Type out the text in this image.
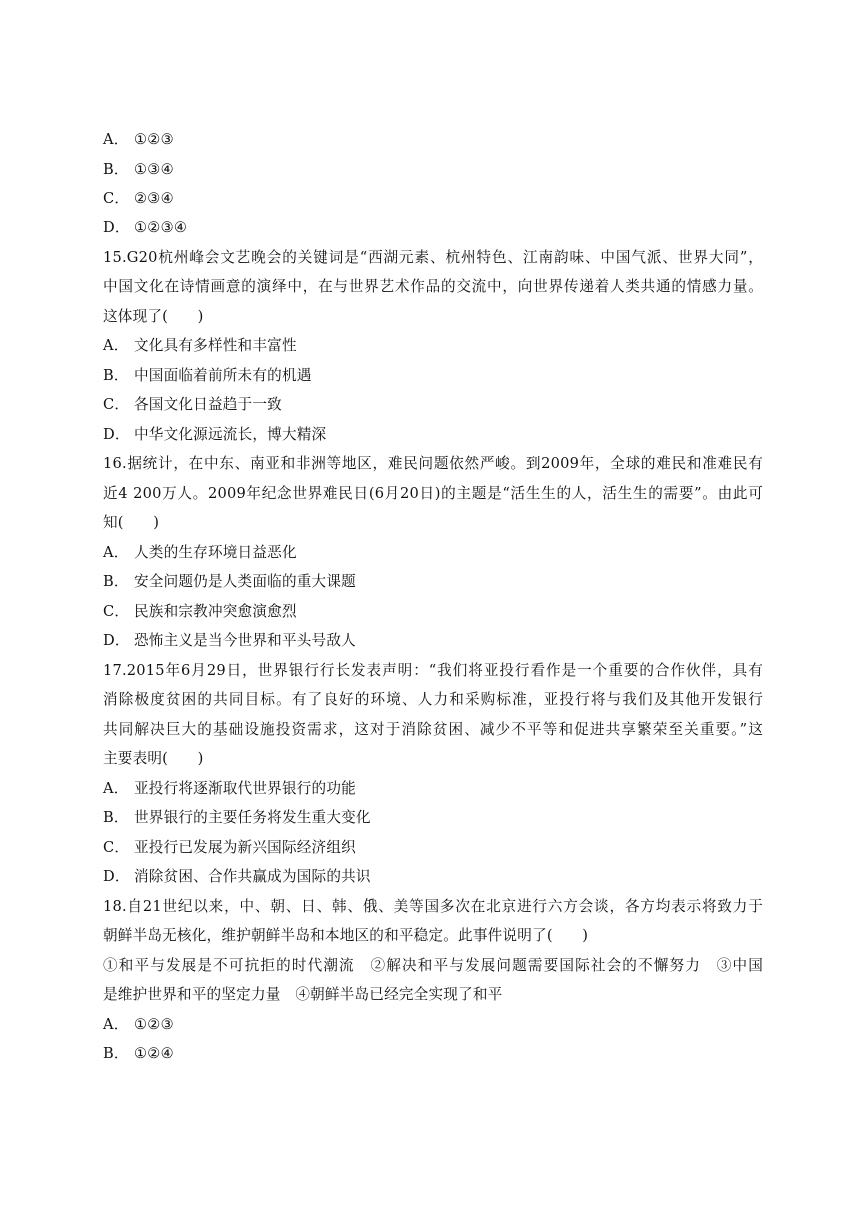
A． ①②③
B． ①③④
C． ②③④
D． ①②③④
15.G20杭州峰会文艺晚会的关键词是“西湖元素、杭州特色、江南韵味、中国气派、世界大同”，
中国文化在诗情画意的演绎中，在与世界艺术作品的交流中，向世界传递着人类共通的情感力量。
这体现了(　　)
A． 文化具有多样性和丰富性
B． 中国面临着前所未有的机遇
C． 各国文化日益趋于一致
D． 中华文化源远流长，博大精深
16.据统计，在中东、南亚和非洲等地区，难民问题依然严峻。到2009年，全球的难民和准难民有
近4 200万人。2009年纪念世界难民日(6月20日)的主题是“活生生的人，活生生的需要”。由此可
知(　　)
A． 人类的生存环境日益恶化
B． 安全问题仍是人类面临的重大课题
C． 民族和宗教冲突愈演愈烈
D． 恐怖主义是当今世界和平头号敌人
17.2015年6月29日，世界银行行长发表声明：“我们将亚投行看作是一个重要的合作伙伴，具有
消除极度贫困的共同目标。有了良好的环境、人力和采购标准，亚投行将与我们及其他开发银行
共同解决巨大的基础设施投资需求，这对于消除贫困、减少不平等和促进共享繁荣至关重要。”这
主要表明(　　)
A． 亚投行将逐渐取代世界银行的功能
B． 世界银行的主要任务将发生重大变化
C． 亚投行已发展为新兴国际经济组织
D． 消除贫困、合作共赢成为国际的共识
18.自21世纪以来，中、朝、日、韩、俄、美等国多次在北京进行六方会谈，各方均表示将致力于
朝鲜半岛无核化，维护朝鲜半岛和本地区的和平稳定。此事件说明了(　　)
①和平与发展是不可抗拒的时代潮流　②解决和平与发展问题需要国际社会的不懈努力　③中国
是维护世界和平的坚定力量　④朝鲜半岛已经完全实现了和平
A． ①②③
B． ①②④
